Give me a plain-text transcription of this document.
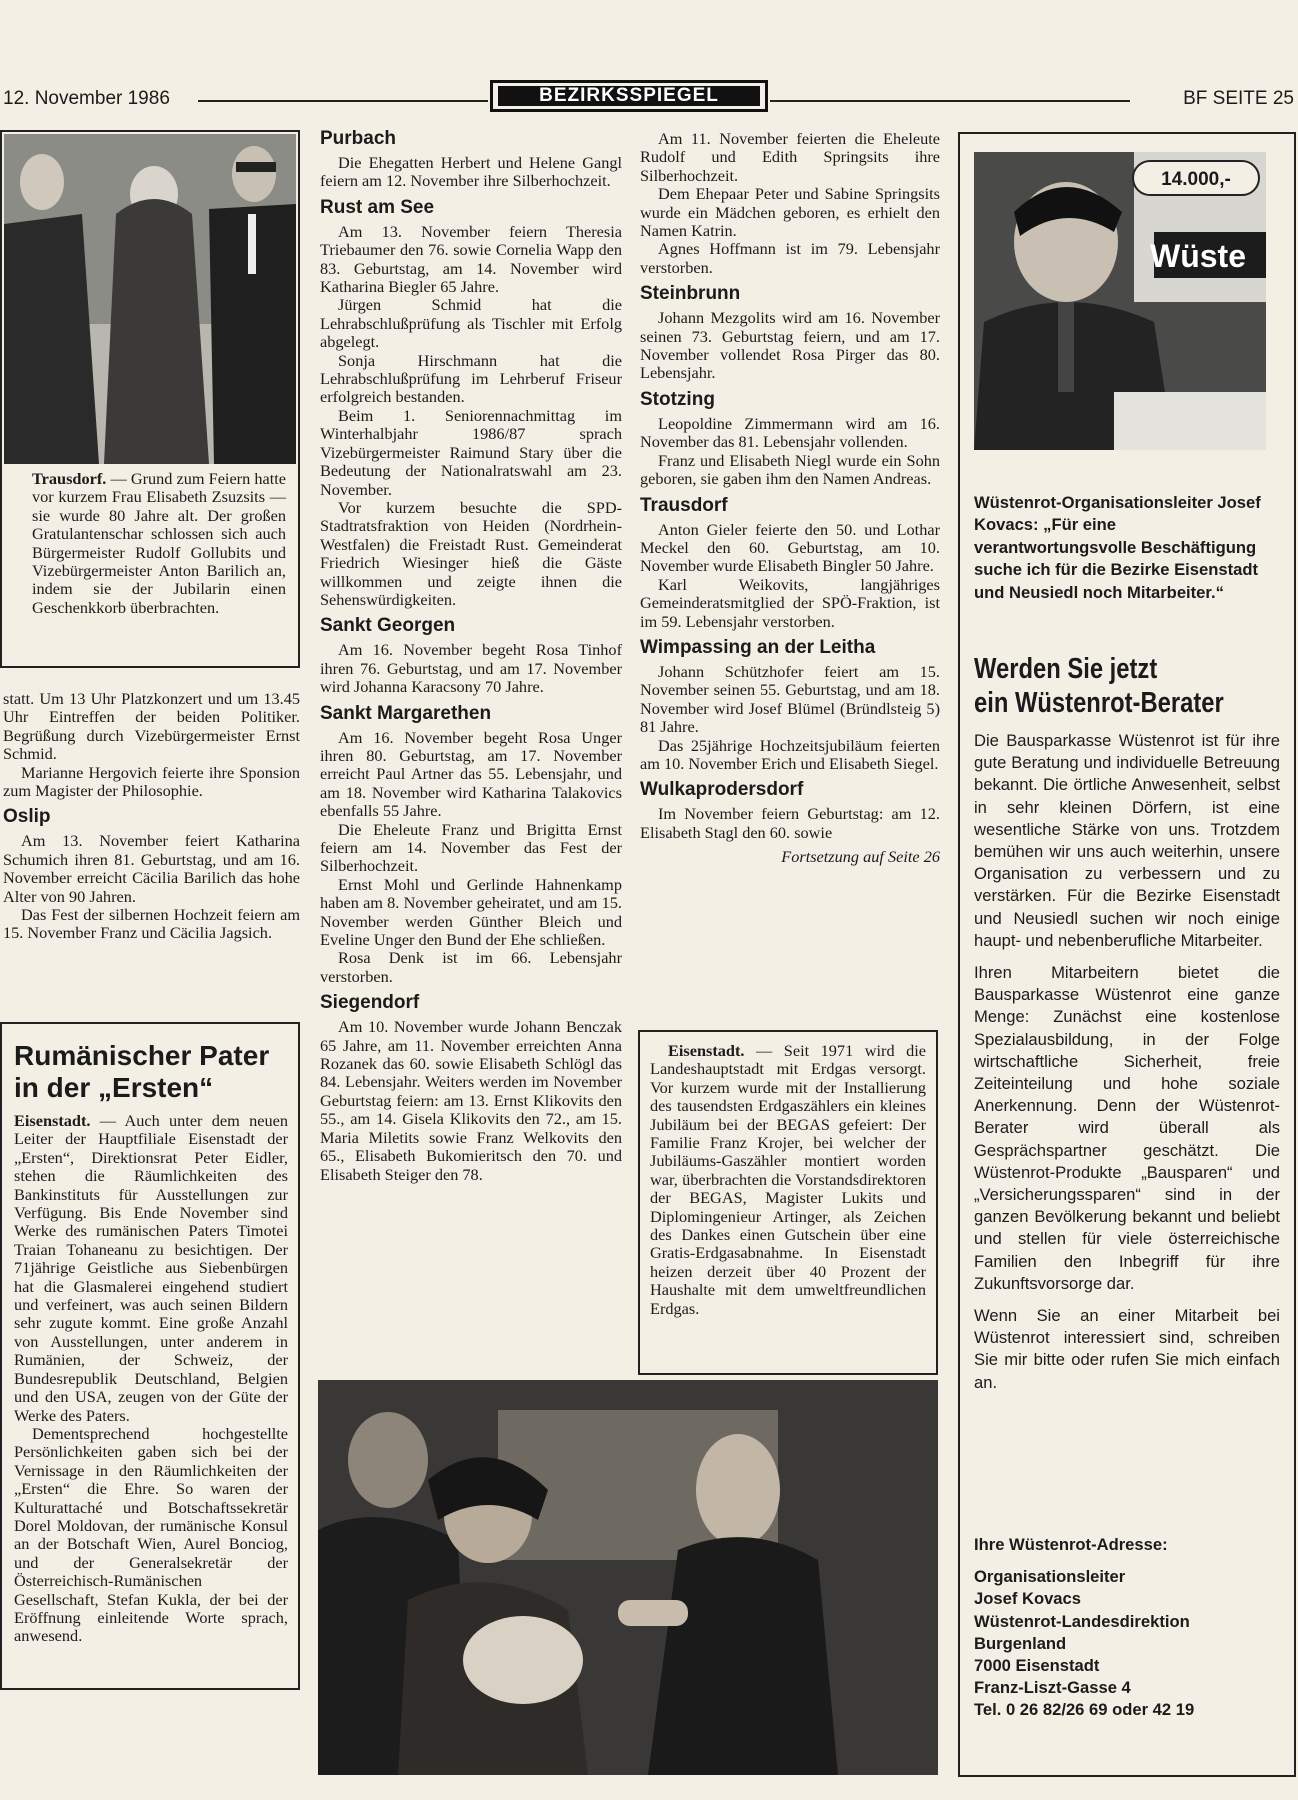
12. November 1986	BEZIRKSSPIEGEL	BF SEITE 25
Trausdorf. — Grund zum Feiern hatte vor kurzem Frau Elisabeth Zsuzsits — sie wurde 80 Jahre alt. Der großen Gratulantenschar schlossen sich auch Bürgermeister Rudolf Gollubits und Vizebürgermeister Anton Barilich an, indem sie der Jubilarin einen Geschenkkorb überbrachten.

statt. Um 13 Uhr Platzkonzert und um 13.45 Uhr Eintreffen der beiden Politiker. Begrüßung durch Vizebürgermeister Ernst Schmid.

Marianne Hergovich feierte ihre Sponsion zum Magister der Philosophie.

Oslip

Am 13. November feiert Katharina Schumich ihren 81. Geburtstag, und am 16. November erreicht Cäcilia Barilich das hohe Alter von 90 Jahren.

Das Fest der silbernen Hochzeit feiern am 15. November Franz und Cäcilia Jagsich.

Rumänischer Pater
in der „Ersten“

Eisenstadt. — Auch unter dem neuen Leiter der Hauptfiliale Eisenstadt der „Ersten“, Direktionsrat Peter Eidler, stehen die Räumlichkeiten des Bankinstituts für Ausstellungen zur Verfügung. Bis Ende November sind Werke des rumänischen Paters Timotei Traian Tohaneanu zu besichtigen. Der 71jährige Geistliche aus Siebenbürgen hat die Glasmalerei eingehend studiert und verfeinert, was auch seinen Bildern sehr zugute kommt. Eine große Anzahl von Ausstellungen, unter anderem in Rumänien, der Schweiz, der Bundesrepublik Deutschland, Belgien und den USA, zeugen von der Güte der Werke des Paters.

Dementsprechend hochgestellte Persönlichkeiten gaben sich bei der Vernissage in den Räumlichkeiten der „Ersten“ die Ehre. So waren der Kulturattaché und Botschaftssekretär Dorel Moldovan, der rumänische Konsul an der Botschaft Wien, Aurel Bonciog, und der Generalsekretär der Österreichisch-Rumänischen Gesellschaft, Stefan Kukla, der bei der Eröffnung einleitende Worte sprach, anwesend.

Purbach

Die Ehegatten Herbert und Helene Gangl feiern am 12. November ihre Silberhochzeit.

Rust am See

Am 13. November feiern Theresia Triebaumer den 76. sowie Cornelia Wapp den 83. Geburtstag, am 14. November wird Katharina Biegler 65 Jahre.

Jürgen Schmid hat die Lehrabschlußprüfung als Tischler mit Erfolg abgelegt.

Sonja Hirschmann hat die Lehrabschlußprüfung im Lehrberuf Friseur erfolgreich bestanden.

Beim 1. Seniorennachmittag im Winterhalbjahr 1986/87 sprach Vizebürgermeister Raimund Stary über die Bedeutung der Nationalratswahl am 23. November.

Vor kurzem besuchte die SPD-Stadtratsfraktion von Heiden (Nordrhein-Westfalen) die Freistadt Rust. Gemeinderat Friedrich Wiesinger hieß die Gäste willkommen und zeigte ihnen die Sehenswürdigkeiten.

Sankt Georgen

Am 16. November begeht Rosa Tinhof ihren 76. Geburtstag, und am 17. November wird Johanna Karacsony 70 Jahre.

Sankt Margarethen

Am 16. November begeht Rosa Unger ihren 80. Geburtstag, am 17. November erreicht Paul Artner das 55. Lebensjahr, und am 18. November wird Katharina Talakovics ebenfalls 55 Jahre.

Die Eheleute Franz und Brigitta Ernst feiern am 14. November das Fest der Silberhochzeit.

Ernst Mohl und Gerlinde Hahnenkamp haben am 8. November geheiratet, und am 15. November werden Günther Bleich und Eveline Unger den Bund der Ehe schließen.

Rosa Denk ist im 66. Lebensjahr verstorben.

Siegendorf

Am 10. November wurde Johann Benczak 65 Jahre, am 11. November erreichten Anna Rozanek das 60. sowie Elisabeth Schlögl das 84. Lebensjahr. Weiters werden im November Geburtstag feiern: am 13. Ernst Klikovits den 55., am 14. Gisela Klikovits den 72., am 15. Maria Miletits sowie Franz Welkovits den 65., Elisabeth Bukomieritsch den 70. und Elisabeth Steiger den 78.

Am 11. November feierten die Eheleute Rudolf und Edith Springsits ihre Silberhochzeit.

Dem Ehepaar Peter und Sabine Springsits wurde ein Mädchen geboren, es erhielt den Namen Katrin.

Agnes Hoffmann ist im 79. Lebensjahr verstorben.

Steinbrunn

Johann Mezgolits wird am 16. November seinen 73. Geburtstag feiern, und am 17. November vollendet Rosa Pirger das 80. Lebensjahr.

Stotzing

Leopoldine Zimmermann wird am 16. November das 81. Lebensjahr vollenden.

Franz und Elisabeth Niegl wurde ein Sohn geboren, sie gaben ihm den Namen Andreas.

Trausdorf

Anton Gieler feierte den 50. und Lothar Meckel den 60. Geburtstag, am 10. November wurde Elisabeth Bingler 50 Jahre.

Karl Weikovits, langjähriges Gemeinderatsmitglied der SPÖ-Fraktion, ist im 59. Lebensjahr verstorben.

Wimpassing an der Leitha

Johann Schützhofer feiert am 15. November seinen 55. Geburtstag, und am 18. November wird Josef Blümel (Bründlsteig 5) 81 Jahre.

Das 25jährige Hochzeitsjubiläum feierten am 10. November Erich und Elisabeth Siegel.

Wulkaprodersdorf

Im November feiern Geburtstag: am 12. Elisabeth Stagl den 60. sowie

Fortsetzung auf Seite 26

Eisenstadt. — Seit 1971 wird die Landeshauptstadt mit Erdgas versorgt. Vor kurzem wurde mit der Installierung des tausendsten Erdgaszählers ein kleines Jubiläum bei der BEGAS gefeiert: Der Familie Franz Krojer, bei welcher der Jubiläums-Gaszähler montiert worden war, überbrachten die Vorstandsdirektoren der BEGAS, Magister Lukits und Diplomingenieur Artinger, als Zeichen des Dankes einen Gutschein über eine Gratis-Erdgasabnahme. In Eisenstadt heizen derzeit über 40 Prozent der Haushalte mit dem umweltfreundlichen Erdgas.

14.000,-
Wüste
Wüstenrot-Organisationsleiter Josef Kovacs: „Für eine verantwortungsvolle Beschäftigung suche ich für die Bezirke Eisenstadt und Neusiedl noch Mitarbeiter.“
Werden Sie jetzt
ein Wüstenrot-Berater

Die Bausparkasse Wüstenrot ist für ihre gute Beratung und individuelle Betreuung bekannt. Die örtliche Anwesenheit, selbst in sehr kleinen Dörfern, ist eine wesentliche Stärke von uns. Trotzdem bemühen wir uns auch weiterhin, unsere Organisation zu verbessern und zu verstärken. Für die Bezirke Eisenstadt und Neusiedl suchen wir noch einige haupt- und nebenberufliche Mitarbeiter.

Ihren Mitarbeitern bietet die Bausparkasse Wüstenrot eine ganze Menge: Zunächst eine kostenlose Spezialausbildung, in der Folge wirtschaftliche Sicherheit, freie Zeiteinteilung und hohe soziale Anerkennung. Denn der Wüstenrot-Berater wird überall als Gesprächspartner geschätzt. Die Wüstenrot-Produkte „Bausparen“ und „Versicherungssparen“ sind in der ganzen Bevölkerung bekannt und beliebt und stellen für viele österreichische Familien den Inbegriff für ihre Zukunftsvorsorge dar.

Wenn Sie an einer Mitarbeit bei Wüstenrot interessiert sind, schreiben Sie mir bitte oder rufen Sie mich einfach an.

Ihre Wüstenrot-Adresse:
Organisationsleiter
Josef Kovacs
Wüstenrot-Landesdirektion
Burgenland
7000 Eisenstadt
Franz-Liszt-Gasse 4
Tel. 0 26 82/26 69 oder 42 19
